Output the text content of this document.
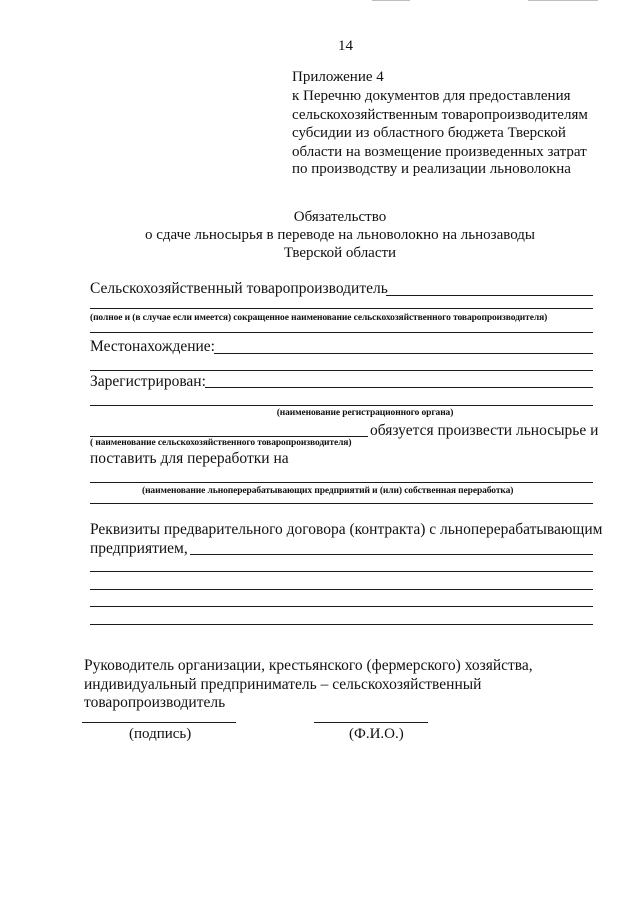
14
Приложение 4
к Перечню документов для предоставления
сельскохозяйственным товаропроизводителям
субсидии из областного бюджета Тверской
области на возмещение произведенных затрат
по производству и реализации льноволокна
Обязательство
о сдаче льносырья в переводе на льноволокно на льнозаводы
Тверской области
Сельскохозяйственный товаропроизводитель
(полное и (в случае если имеется) сокращенное наименование сельскохозяйственного товаропроизводителя)
Местонахождение:
Зарегистрирован:
(наименование регистрационного органа)
обязуется произвести льносырье и
( наименование сельскохозяйственного товаропроизводителя)
поставить для переработки на
(наименование льноперерабатывающих предприятий и (или) собственная переработка)
Реквизиты предварительного договора (контракта) с льноперерабатывающим
предприятием,
Руководитель организации, крестьянского (фермерского) хозяйства,
индивидуальный предприниматель – сельскохозяйственный
товаропроизводитель
(подпись)	(Ф.И.О.)
